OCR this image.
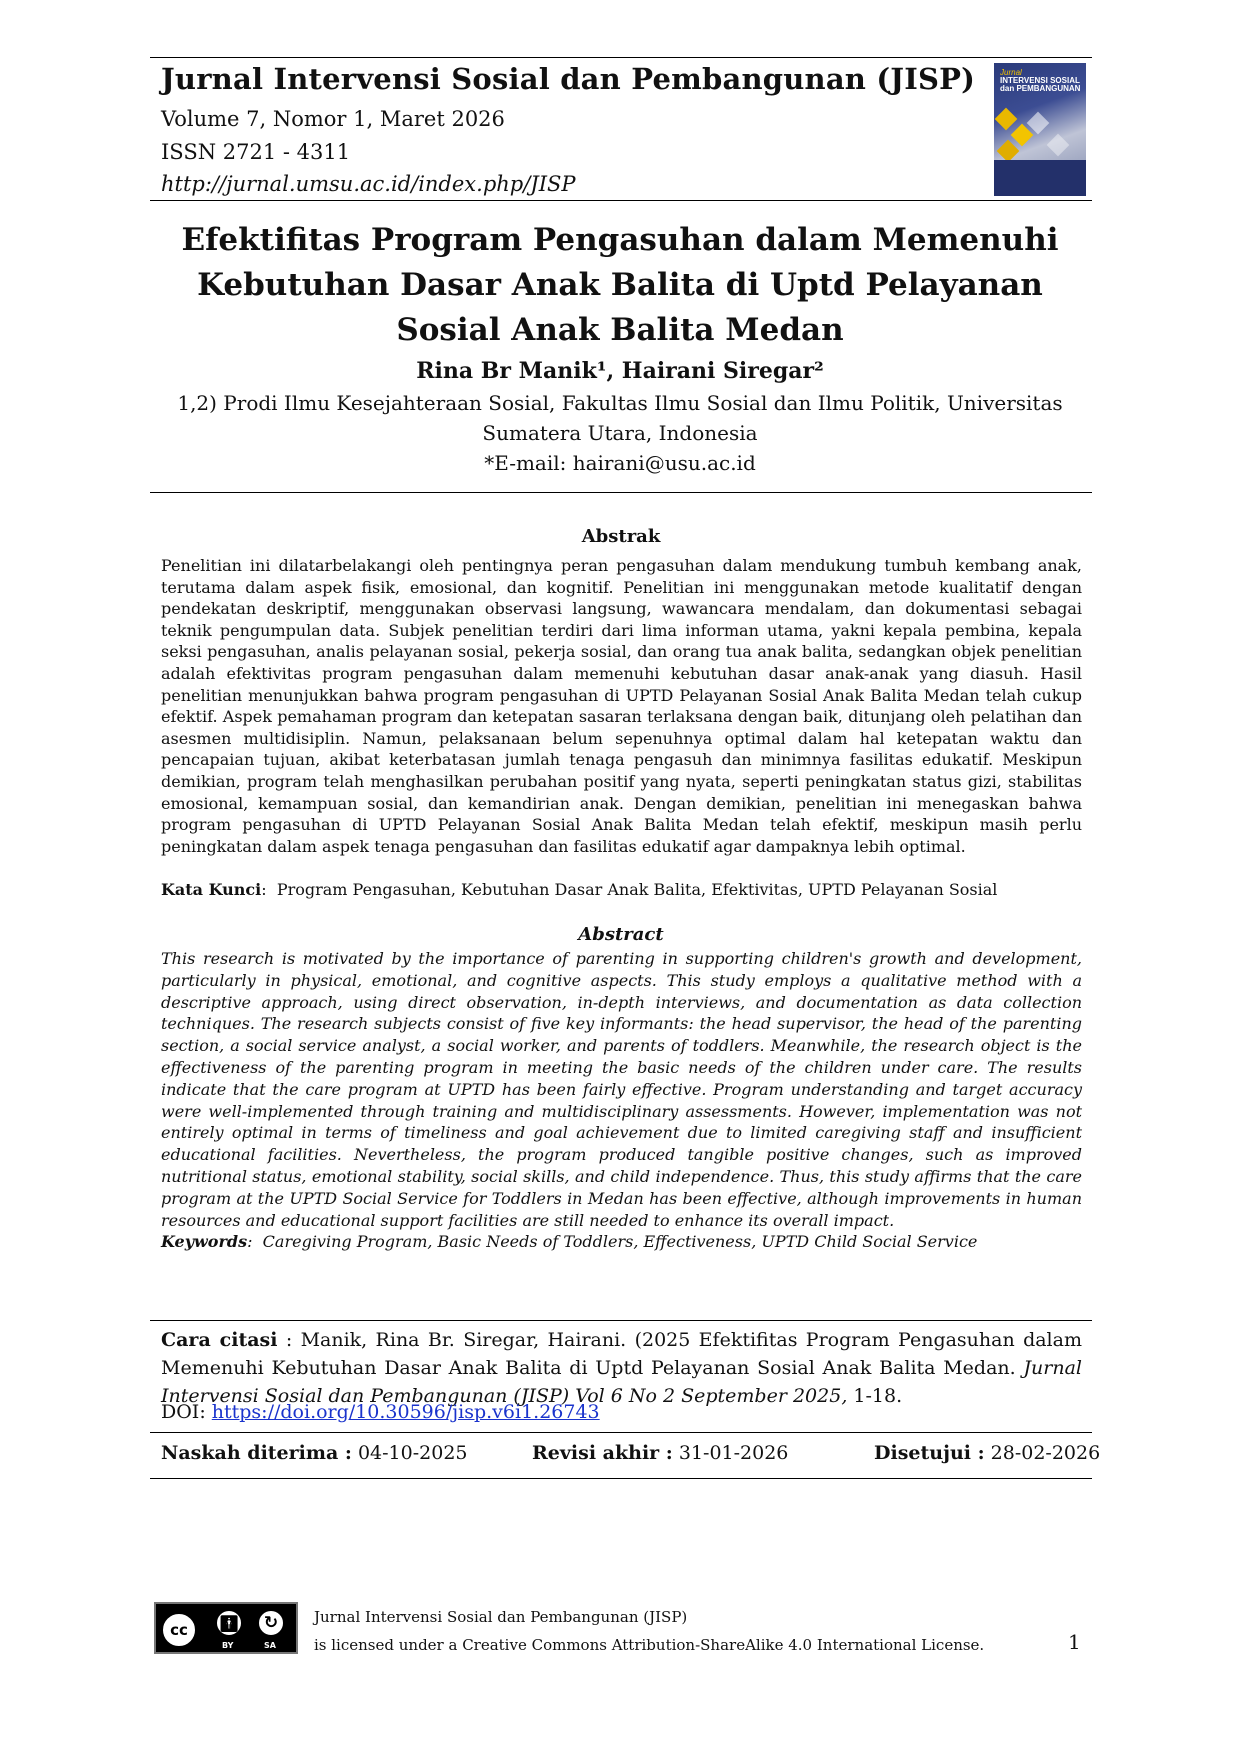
Jurnal Intervensi Sosial dan Pembangunan (JISP)
Volume 7, Nomor 1, Maret 2026
ISSN 2721 - 4311
http://jurnal.umsu.ac.id/index.php/JISP
Jurnal
INTERVENSI SOSIAL
dan PEMBANGUNAN
Efektifitas Program Pengasuhan dalam Memenuhi Kebutuhan Dasar Anak Balita di Uptd Pelayanan Sosial Anak Balita Medan
Rina Br Manik¹, Hairani Siregar²
1,2) Prodi Ilmu Kesejahteraan Sosial, Fakultas Ilmu Sosial dan Ilmu Politik, Universitas
Sumatera Utara, Indonesia
*E-mail: hairani@usu.ac.id
Abstrak
Penelitian ini dilatarbelakangi oleh pentingnya peran pengasuhan dalam mendukung tumbuh kembang anak, terutama dalam aspek fisik, emosional, dan kognitif. Penelitian ini menggunakan metode kualitatif dengan pendekatan deskriptif, menggunakan observasi langsung, wawancara mendalam, dan dokumentasi sebagai teknik pengumpulan data. Subjek penelitian terdiri dari lima informan utama, yakni kepala pembina, kepala seksi pengasuhan, analis pelayanan sosial, pekerja sosial, dan orang tua anak balita, sedangkan objek penelitian adalah efektivitas program pengasuhan dalam memenuhi kebutuhan dasar anak-anak yang diasuh. Hasil penelitian menunjukkan bahwa program pengasuhan di UPTD Pelayanan Sosial Anak Balita Medan telah cukup efektif. Aspek pemahaman program dan ketepatan sasaran terlaksana dengan baik, ditunjang oleh pelatihan dan asesmen multidisiplin. Namun, pelaksanaan belum sepenuhnya optimal dalam hal ketepatan waktu dan pencapaian tujuan, akibat keterbatasan jumlah tenaga pengasuh dan minimnya fasilitas edukatif. Meskipun demikian, program telah menghasilkan perubahan positif yang nyata, seperti peningkatan status gizi, stabilitas emosional, kemampuan sosial, dan kemandirian anak. Dengan demikian, penelitian ini menegaskan bahwa program pengasuhan di UPTD Pelayanan Sosial Anak Balita Medan telah efektif, meskipun masih perlu peningkatan dalam aspek tenaga pengasuhan dan fasilitas edukatif agar dampaknya lebih optimal.
Kata Kunci:  Program Pengasuhan, Kebutuhan Dasar Anak Balita, Efektivitas, UPTD Pelayanan Sosial
Abstract
This research is motivated by the importance of parenting in supporting children's growth and development, particularly in physical, emotional, and cognitive aspects. This study employs a qualitative method with a descriptive approach, using direct observation, in-depth interviews, and documentation as data collection techniques. The research subjects consist of five key informants: the head supervisor, the head of the parenting section, a social service analyst, a social worker, and parents of toddlers. Meanwhile, the research object is the effectiveness of the parenting program in meeting the basic needs of the children under care. The results indicate that the care program at UPTD has been fairly effective. Program understanding and target accuracy were well-implemented through training and multidisciplinary assessments. However, implementation was not entirely optimal in terms of timeliness and goal achievement due to limited caregiving staff and insufficient educational facilities. Nevertheless, the program produced tangible positive changes, such as improved nutritional status, emotional stability, social skills, and child independence. Thus, this study affirms that the care program at the UPTD Social Service for Toddlers in Medan has been effective, although improvements in human resources and educational support facilities are still needed to enhance its overall impact.
Keywords:  Caregiving Program, Basic Needs of Toddlers, Effectiveness, UPTD Child Social Service
Cara citasi : Manik, Rina Br. Siregar, Hairani. (2025 Efektifitas Program Pengasuhan dalam Memenuhi Kebutuhan Dasar Anak Balita di Uptd Pelayanan Sosial Anak Balita Medan. Jurnal Intervensi Sosial dan Pembangunan (JISP) Vol 6 No 2 September 2025, 1-18.
DOI: https://doi.org/10.30596/jisp.v6i1.26743
Naskah diterima : 04-10-2025	Revisi akhir : 31-01-2026	Disetujui : 28-02-2026
cc	🚹︎	↻
BY	SA
Jurnal Intervensi Sosial dan Pembangunan (JISP)
is licensed under a Creative Commons Attribution-ShareAlike 4.0 International License.	1
